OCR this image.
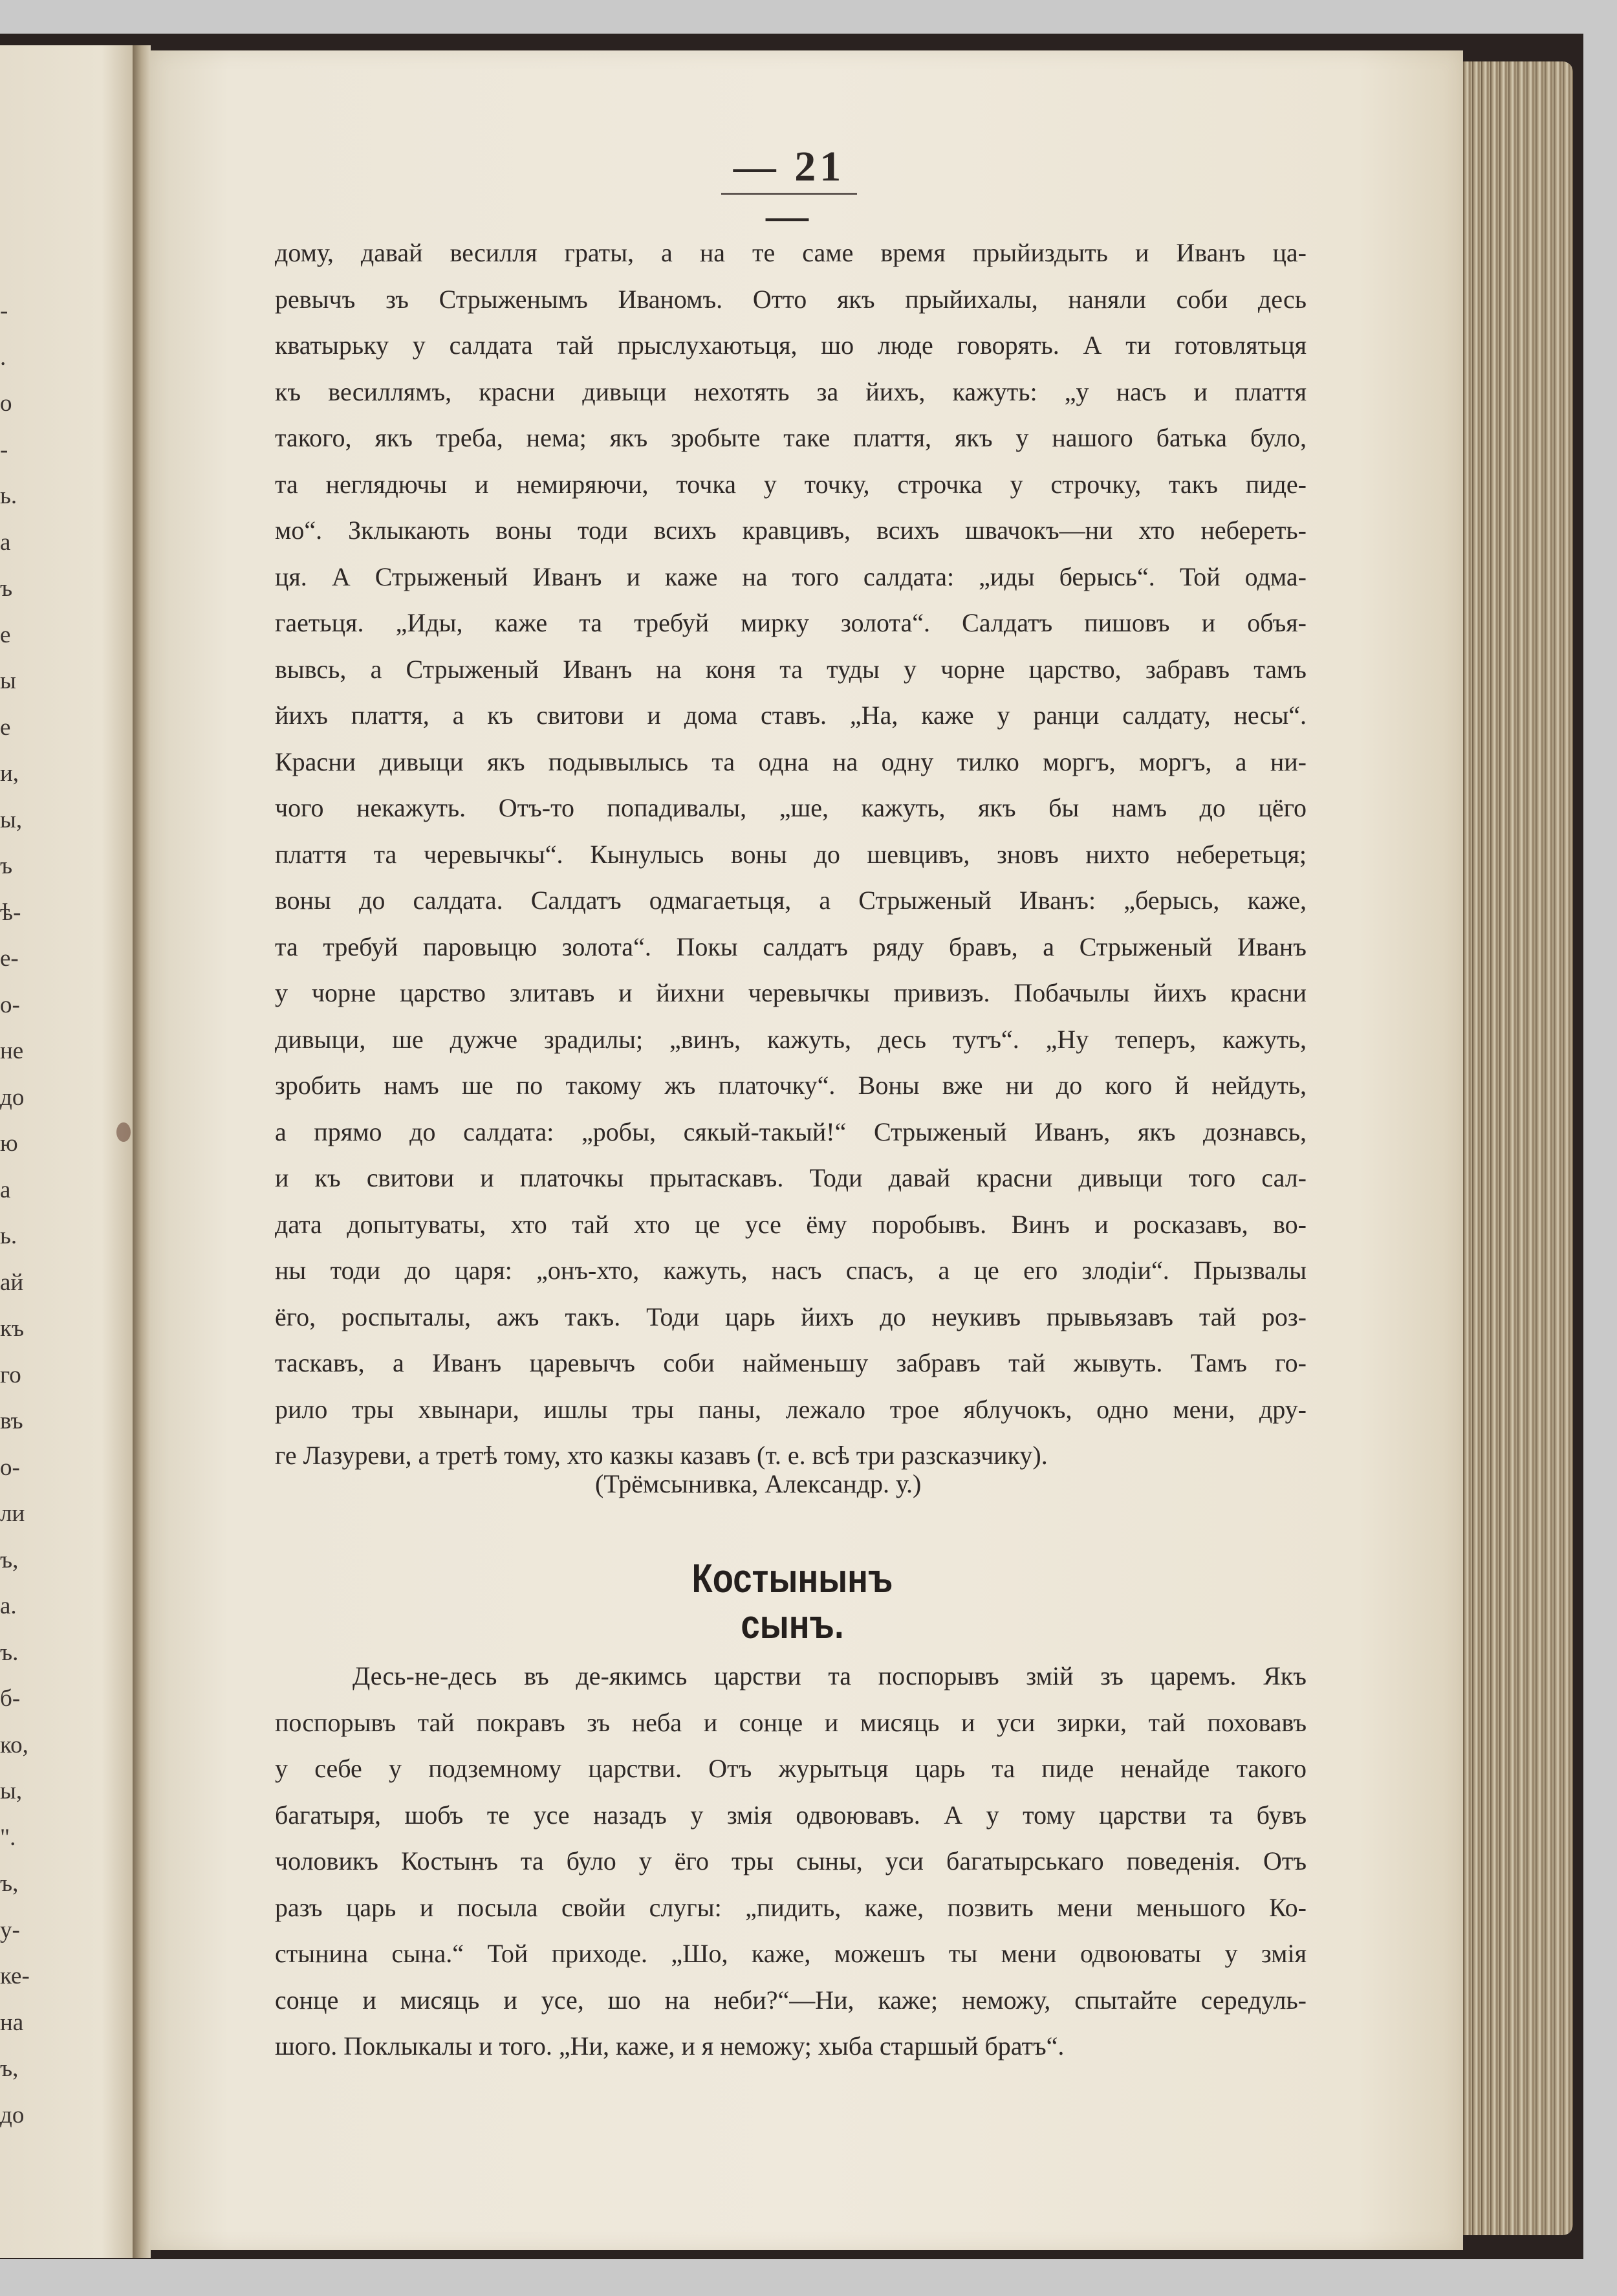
-
.
о
-
ь.
а
ъ
е
ы
е
и,
ы,
ъ
ѣ-
е-
о-
не
до
ю
а
ь.
ай
къ
го
въ
о-
ли
ъ,
а.
ъ.
б-
ко,
ы,
".
ъ,
у-
ке-
на
ъ,
до
— 21 —
дому, давай весилля граты, а на те саме время прыйиздыть и Иванъ ца-
ревычъ зъ Стрыженымъ Иваномъ. Отто якъ прыйихалы, наняли соби десь
кватырьку у салдата тай прыслухаютьця, шо люде говорять. А ти готовлятьця
къ весиллямъ, красни дивыци нехотять за йихъ, кажуть: „у насъ и плаття
такого, якъ треба, нема; якъ зробыте таке плаття, якъ у нашого батька було,
та неглядючы и немиряючи, точка у точку, строчка у строчку, такъ пиде-
мо“. Зклыкають воны тоди всихъ кравцивъ, всихъ швачокъ—ни хто небереть-
ця. А Стрыженый Иванъ и каже на того салдата: „иды берысь“. Той одма-
гаетьця. „Иды, каже та требуй мирку золота“. Салдатъ пишовъ и объя-
вывсь, а Стрыженый Иванъ на коня та туды у чорне царство, забравъ тамъ
йихъ плаття, а къ свитови и дома ставъ. „На, каже у ранци салдату, несы“.
Красни дивыци якъ подывылысь та одна на одну тилко моргъ, моргъ, а ни-
чого некажуть. Отъ-то попадивалы, „ше, кажуть, якъ бы намъ до цёго
плаття та черевычкы“. Кынулысь воны до шевцивъ, зновъ нихто неберетьця;
воны до салдата. Салдатъ одмагаетьця, а Стрыженый Иванъ: „берысь, каже,
та требуй паровыцю золота“. Покы салдатъ ряду бравъ, а Стрыженый Иванъ
у чорне царство злитавъ и йихни черевычкы привизъ. Побачылы йихъ красни
дивыци, ше дужче зрадилы; „винъ, кажуть, десь тутъ“. „Ну теперъ, кажуть,
зробить намъ ше по такому жъ платочку“. Воны вже ни до кого й нейдуть,
а прямо до салдата: „робы, сякый-такый!“ Стрыженый Иванъ, якъ дознавсь,
и къ свитови и платочкы прытаскавъ. Тоди давай красни дивыци того сал-
дата допытуваты, хто тай хто це усе ёму поробывъ. Винъ и росказавъ, во-
ны тоди до царя: „онъ-хто, кажуть, насъ спасъ, а це его злодiи“. Прызвалы
ёго, роспыталы, ажъ такъ. Тоди царь йихъ до неукивъ прывьязавъ тай роз-
таскавъ, а Иванъ царевычъ соби найменьшу забравъ тай жывуть. Тамъ го-
рило тры хвынари, ишлы тры паны, лежало трое яблучокъ, одно мени, дру-
ге Лазуреви, а третѣ тому, хто казкы казавъ (т. е. всѣ три разсказчику).
(Трёмсынивка, Александр. у.)
Костынынъ сынъ.
Десь-не-десь въ де-якимсь царстви та поспорывъ змiй зъ царемъ. Якъ
поспорывъ тай покравъ зъ неба и сонце и мисяць и уси зирки, тай поховавъ
у себе у подземному царстви. Отъ журытьця царь та пиде ненайде такого
багатыря, шобъ те усе назадъ у змiя одвоювавъ. А у тому царстви та бувъ
чоловикъ Костынъ та було у ёго тры сыны, уси багатырськаго поведенiя. Отъ
разъ царь и посыла свойи слугы: „пидить, каже, позвить мени меньшого Ко-
стынина сына.“ Той приходе. „Шо, каже, можешъ ты мени одвоюваты у змiя
сонце и мисяць и усе, шо на неби?“—Ни, каже; неможу, спытайте середуль-
шого. Поклыкалы и того. „Ни, каже, и я неможу; хыба старшый братъ“.
